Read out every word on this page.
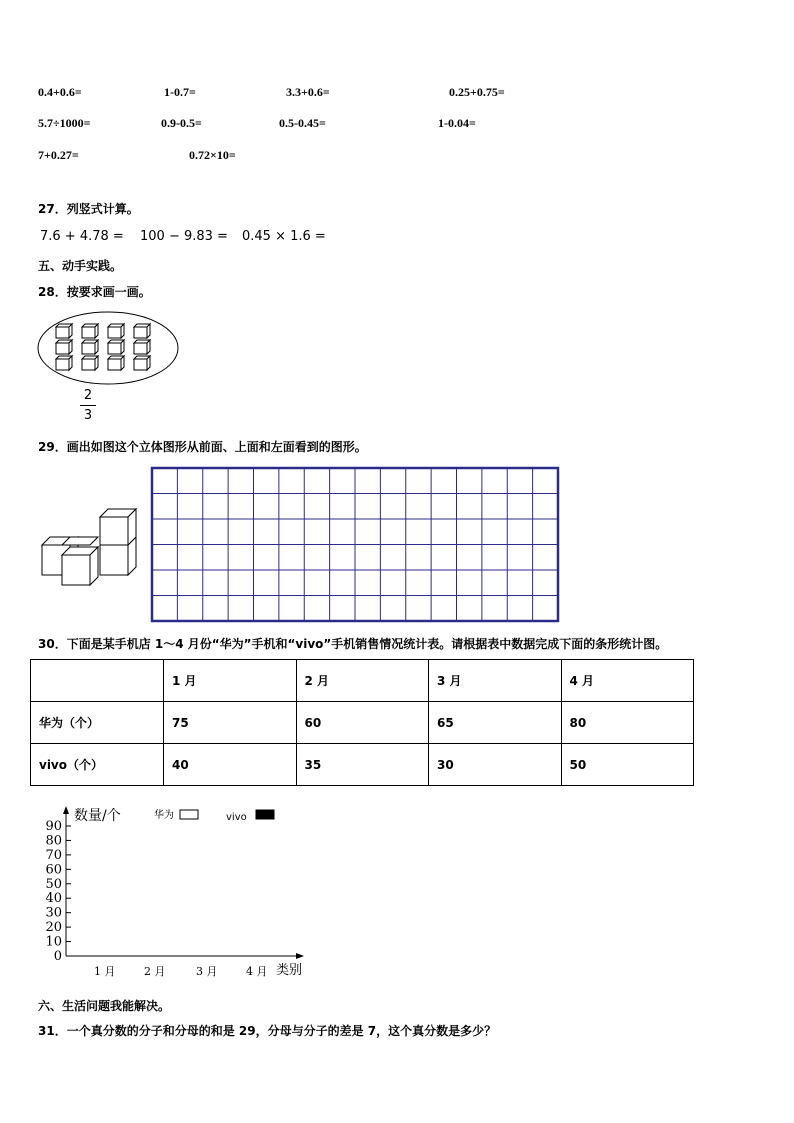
0.4+0.6=	1-0.7=	3.3+0.6=	0.25+0.75=
5.7÷1000=	0.9-0.5=	0.5-0.45=	1-0.04=
7+0.27=	0.72×10=
27．列竖式计算。
7.6 + 4.78 = 100 − 9.83 = 0.45 × 1.6 =
五、动手实践。
28．按要求画一画。
2
3
29．画出如图这个立体图形从前面、上面和左面看到的图形。
30．下面是某手机店 1～4 月份“华为”手机和“vivo”手机销售情况统计表。请根据表中数据完成下面的条形统计图。
	1 月	2 月	3 月	4 月
华为（个）	75	60	65	80
vivo（个）	40	35	30	50
0
10
20
30
40
50
60
70
80
90
数量/个	华为	vivo
1 月	2 月	3 月	4 月 类别
六、生活问题我能解决。
31．一个真分数的分子和分母的和是 29，分母与分子的差是 7，这个真分数是多少？
